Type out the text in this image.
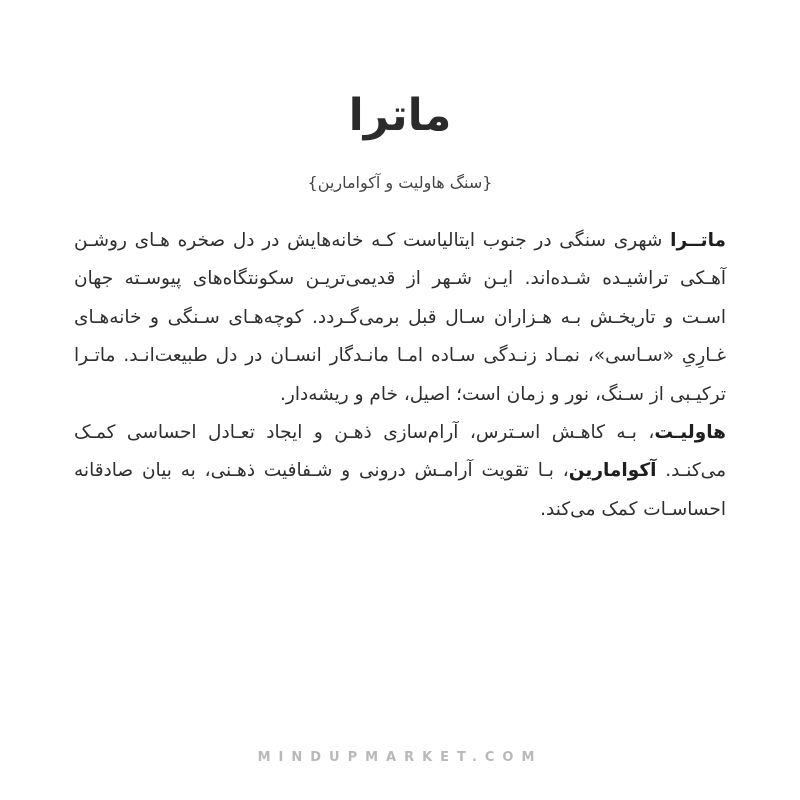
ماترا
{سنگ هاولیت و آکوامارین}

ماتــرا شهری سنگی در جنوب ایتالیاست کـه خانه‌هایش در دل صخره هـای روشـن آهـکی تراشیـده شـده‌اند. ایـن شـهر از قدیمی‌تریـن سکونتگاه‌های پیوسـته جهان اسـت و تاریخـش بـه هـزاران سـال قبل برمی‌گـردد. کوچه‌هـای سـنگی و خانه‌هـای غـارِیِ «سـاسی»، نمـاد زنـدگی سـاده امـا مانـدگار انسـان در دل طبیعت‌انـد. ماتـرا ترکیـبی از سـنگ، نور و زمان است؛ اصیل، خام و ریشه‌دار.

هاولیـت، بـه کاهـش اسـترس، آرام‌سازی ذهـن و ایجاد تعـادل احساسی کمـک می‌کنـد. آکوامارین، بـا تقویت آرامـش درونی و شـفافیت ذهـنی، به بیان صادقانه احساسـات کمک می‌کند.

MINDUPMARKET.COM
